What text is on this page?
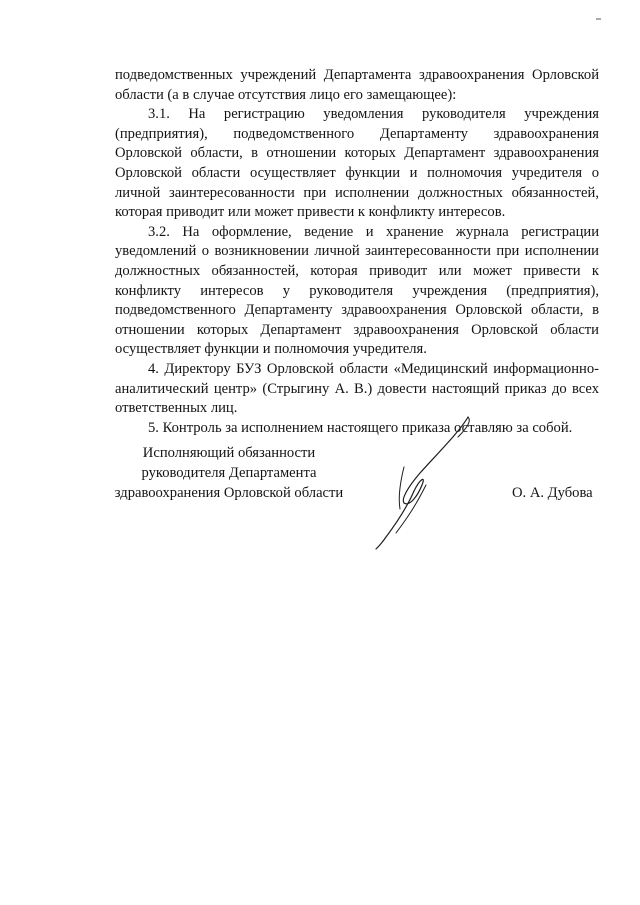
подведомственных учреждений Департамента здравоохранения Орловской области (а в случае отсутствия лицо его замещающее):

3.1. На регистрацию уведомления руководителя учреждения (предприятия), подведомственного Департаменту здравоохранения Орловской области, в отношении которых Департамент здравоохранения Орловской области осуществляет функции и полномочия учредителя о личной заинтересованности при исполнении должностных обязанностей, которая приводит или может привести к конфликту интересов.

3.2. На оформление, ведение и хранение журнала регистрации уведомлений о возникновении личной заинтересованности при исполнении должностных обязанностей, которая приводит или может привести к конфликту интересов у руководителя учреждения (предприятия), подведомственного Департаменту здравоохранения Орловской области, в отношении которых Департамент здравоохранения Орловской области осуществляет функции и полномочия учредителя.

4. Директору БУЗ Орловской области «Медицинский информационно-аналитический центр» (Стрыгину А. В.) довести настоящий приказ до всех ответственных лиц.

5. Контроль за исполнением настоящего приказа оставляю за собой.

Исполняющий обязанности
руководителя Департамента
здравоохранения Орловской области	О. А. Дубова
